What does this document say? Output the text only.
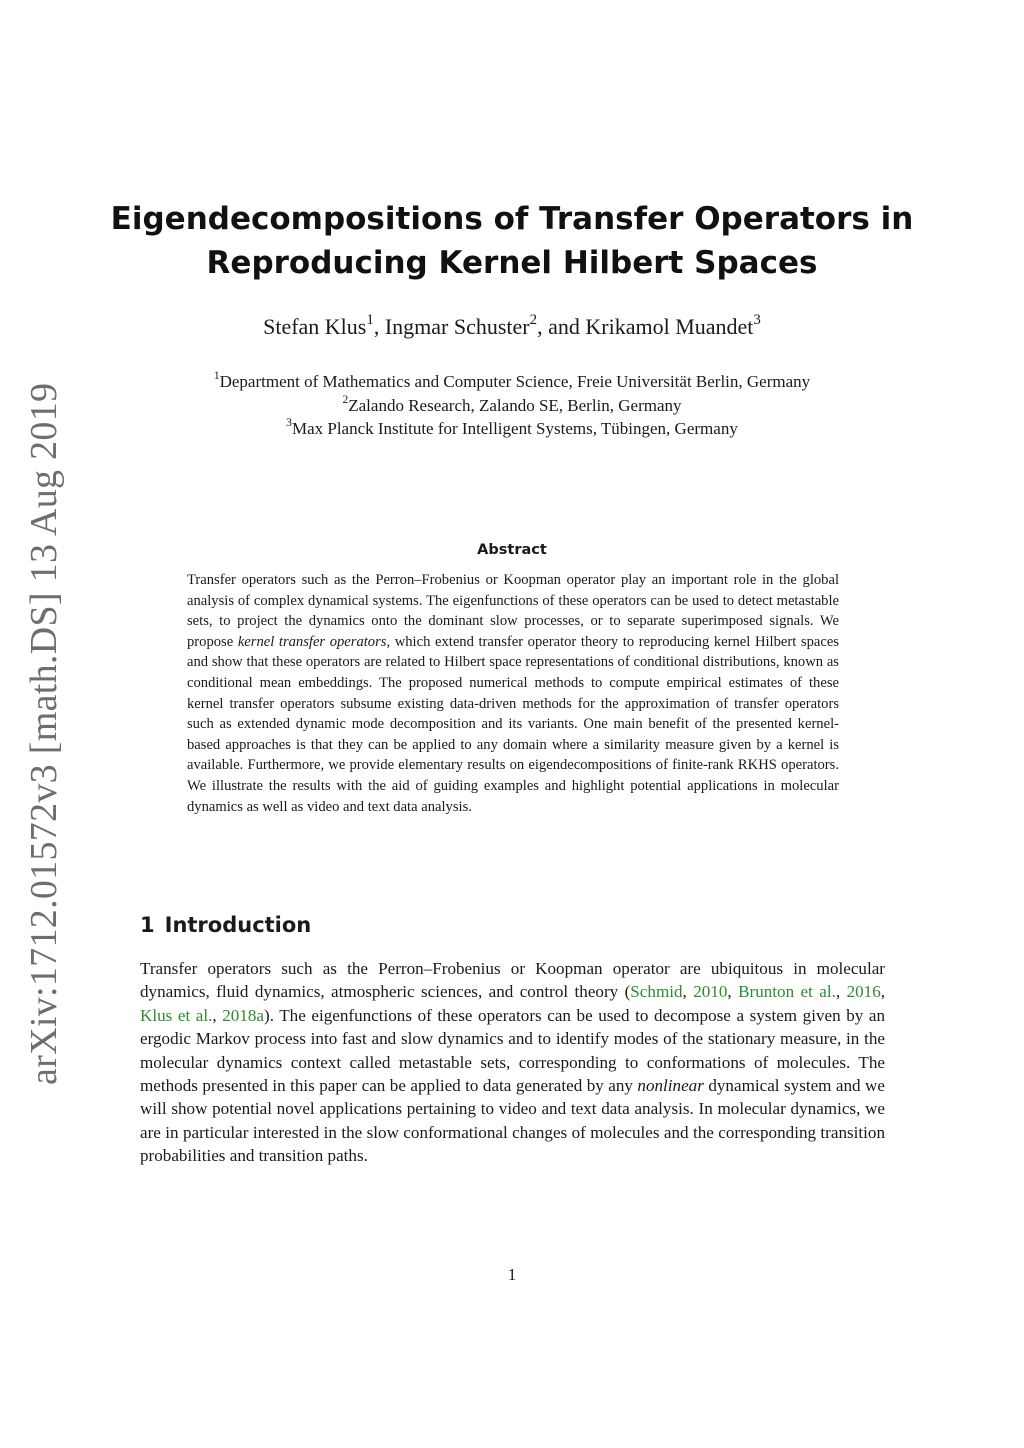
arXiv:1712.01572v3 [math.DS] 13 Aug 2019
Eigendecompositions of Transfer Operators in Reproducing Kernel Hilbert Spaces
Stefan Klus$^1$, Ingmar Schuster$^2$, and Krikamol Muandet$^3$
$^1$Department of Mathematics and Computer Science, Freie Universität Berlin, Germany
$^2$Zalando Research, Zalando SE, Berlin, Germany
$^3$Max Planck Institute for Intelligent Systems, Tübingen, Germany
Abstract
Transfer operators such as the Perron–Frobenius or Koopman operator play an important role in the global analysis of complex dynamical systems. The eigenfunctions of these operators can be used to detect metastable sets, to project the dynamics onto the dominant slow processes, or to separate superimposed signals. We propose kernel transfer operators, which extend transfer operator theory to reproducing kernel Hilbert spaces and show that these operators are related to Hilbert space representations of conditional distributions, known as conditional mean embeddings. The proposed numerical methods to compute empirical estimates of these kernel transfer operators subsume existing data-driven methods for the approximation of transfer operators such as extended dynamic mode decomposition and its variants. One main benefit of the presented kernel-based approaches is that they can be applied to any domain where a similarity measure given by a kernel is available. Furthermore, we provide elementary results on eigendecompositions of finite-rank RKHS operators. We illustrate the results with the aid of guiding examples and highlight potential applications in molecular dynamics as well as video and text data analysis.
1 Introduction
Transfer operators such as the Perron–Frobenius or Koopman operator are ubiquitous in molecular dynamics, fluid dynamics, atmospheric sciences, and control theory (Schmid, 2010, Brunton et al., 2016, Klus et al., 2018a). The eigenfunctions of these operators can be used to decompose a system given by an ergodic Markov process into fast and slow dynamics and to identify modes of the stationary measure, in the molecular dynamics context called metastable sets, corresponding to conformations of molecules. The methods presented in this paper can be applied to data generated by any nonlinear dynamical system and we will show potential novel applications pertaining to video and text data analysis. In molecular dynamics, we are in particular interested in the slow conformational changes of molecules and the corresponding transition probabilities and transition paths.
1
